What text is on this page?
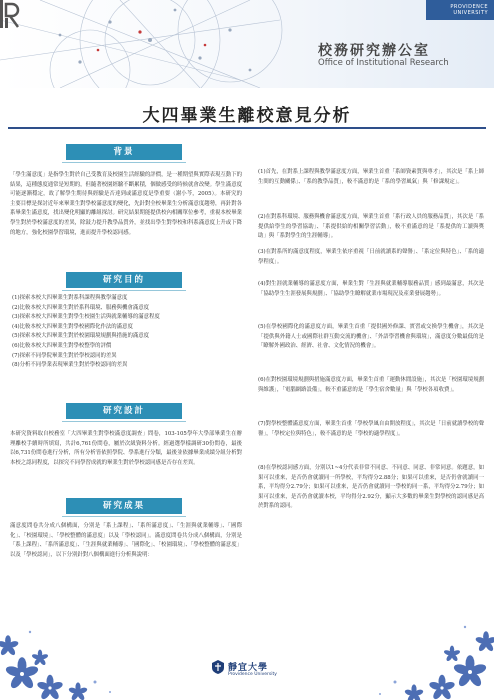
PROVIDENCE
UNIVERSITY
校務研究辦公室
Office of Institutional Research
大四畢業生離校意見分析
背景
「學生滿意度」是指學生對於自己受教育及校園生活經驗的評價，是一種期望與實際表現互動下的結果，這種態度通常是短期的，但隨著校園經驗不斷累積，個做感受的時候就會改變。學生滿意度可能逐漸穩定，故了解學生期待與經驗是否達到或滿意度是學重要（謝小芩，2005）。本研究的主要目標是探討近年來畢業生對學校滿意度的變化，先針對全校畢業生分析滿意度趨勢，再針對各系畢業生滿意度，找出變化明顯的離組探討。研究結果期能提供校內相關單位參考，重視本校畢業學生對於學校滿意度的差異，除鼓力提升教學品質外，並找出學生對學校和科系滿意度上升或下降的地方，強化校園學習環境，進而提升學校認同感。
研究目的
(1)探索本校大四畢業生對系科課程與教學滿意度
(2)比較本校大四畢業生對於系科環境、服務與機會滿意度
(3)探索本校大四畢業生對學生校園生活與就業輔導的滿意程度
(4)比較本校大四畢業生對學校國際化作法的滿意度
(5)探索本校大四畢業生對於校園環境規劃與措施的滿意度
(6)比較本校大四畢業生對學校整學的評價
(7)探索不同學院畢業生對於學校認同的差異
(8)分析不同學業表現畢業生對於學校認同的差異
研究設計
本研究資料取自校務室「大四畢業生對學校滿意度調查」問卷，103-105學年大學部畢業生在辦理離校手續時所填寫，共計6,761份問卷，屬於次級資料分析。經過選學樣調研30份問卷，最後以6,731份問卷進行分析，所有分析皆依照學院、學系進行分類，最後並依據畢業成績分組分析對本校之認同程度，以探究不同學習成就的畢業生對於學校認同感是否存在差異。
研究成果
滿意度問卷共分成八個構面，分別是「系上課程」、「系所滿意度」、「生涯與就業輔導」、「國際化」、「校園環境」、「學校整體的滿意度」以及「學校認同」。滿意度問卷共分成八個構面，分別是「系上課程」、「系所滿意度」、「生涯與就業輔導」、「國際化」、「校園環境」、「學校整體的滿意度」以及「學校認同」，以下分別針對八個構面進行分析與說明：

(1)首先，在對系上課程與教學滿意度方面，畢業生首重「系師資素質與專才」，其次是「系上師生間的互動關係」、「系的教學品質」，較不滿意的是「系的學習風氣」與「修課規定」。

(2)在對系科環境、服務與機會滿意度方面，畢業生首重「系行政人員的服務品質」，其次是「系提供給學生的學習協助」、「系提供給的相關學習活動」，較不重滿意的是「系提供的工讀與獎助」與「系對學生的生涯輔導」。

(3)在對系所的滿意度程度，畢業生依序重視「日前就讀系的聲譽」、「系定位與特色」、「系的適學程度」。

(4)對生涯就業輔導的滿意度方面，畢業生對「生涯與就業輔導服務品質」感到最滿意，其次是「協助學生生涯發展與規劃」、「協助學生瞭解就業市場現況及產業發展趨勢」。

(5)在學校國際化的滿意度方面，畢業生首重「提供國外修課、實習或交換學生機會」，其次是「提供與外籍人士或國際社群互動交流的機會」、「外語學習機會與環境」，滿意度分數最低的是「瞭解外國政治、經濟、社會、文化情況的機會」。

(6)在對校園環境規劃與措施滿意度方面，畢業生首重「運動休閒設施」，其次是「校園環境規劃與維護」，「電腦網路設備」，較不重滿意的是「學生宿舍數量」與「學校各項收費」。

(7)對學校整體滿意度方面，畢業生首重「學校學風自由開放程度」，其次是「日前就讀學校的聲譽」，「學校定位與特色」，較不滿意的是「學校的適學程度」。

(8)在學校認同感方面，分別以1~4分代表非常不同意、不同意、同意、非常同意。依題意，如果可以重來，是否仍會就讀同一所學校，平均得分2.88分；如果可以重來，是否仍會就讀同一系，平均得分2.79分；如果可以重來，是否仍會就讀同一學校的同一系，平均得分2.79分；如果可以重來，是否仍會就讀本校，平均得分2.92分，顯示大多數的畢業生對學校的認同感是高於對系的認同。

靜宜大學
Providence University
